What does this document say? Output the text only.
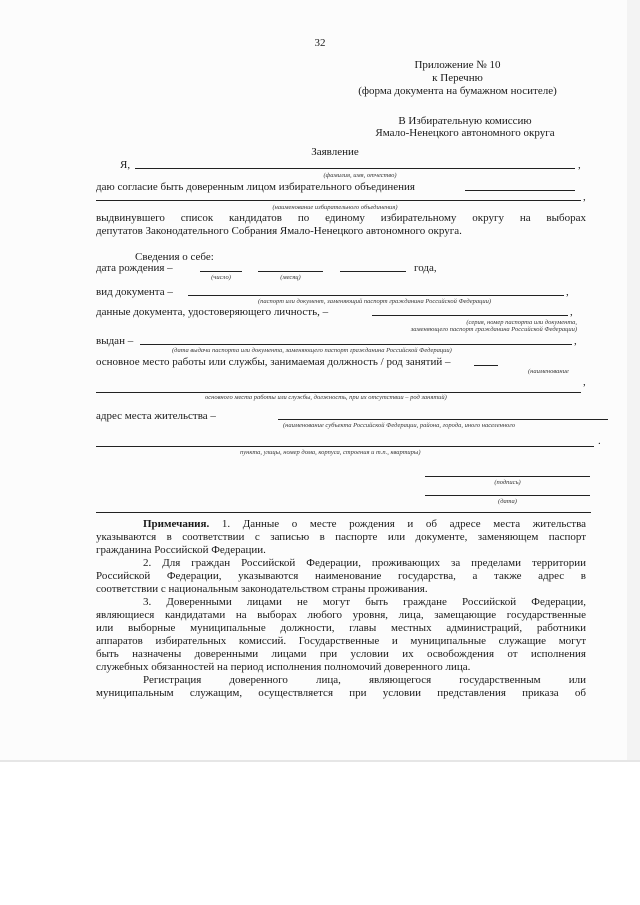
32
Приложение № 10
к Перечню
(форма документа на бумажном носителе)
В Избирательную комиссию
Ямало-Ненецкого автономного округа
Заявление
Я,	,
(фамилия, имя, отчество)
даю согласие быть доверенным лицом избирательного объединения
,
(наименование избирательного объединения)
выдвинувшего список кандидатов по единому избирательному округу на выборах
депутатов Законодательного Собрания Ямало-Ненецкого автономного округа.
Сведения о себе:
дата рождения –	года,
(число)	(месяц)
вид документа –	,
(паспорт или документ, заменяющий паспорт гражданина Российской Федерации)
данные документа, удостоверяющего личность, –	,
(серия, номер паспорта или документа,
заменяющего паспорт гражданина Российской Федерации)
выдан –	,
(дата выдачи паспорта или документа, заменяющего паспорт гражданина Российской Федерации)
основное место работы или службы, занимаемая должность / род занятий –
(наименование
,
основного места работы или службы, должность, при их отсутствии – род занятий)
адрес места жительства –
(наименование субъекта Российской Федерации, района, города, иного населенного
.
пункта, улицы, номер дома, корпуса, строения и т.п., квартиры)
(подпись)
(дата)
Примечания. 1. Данные о месте рождения и об адресе места жительства
указываются в соответствии с записью в паспорте или документе, заменяющем паспорт
гражданина Российской Федерации.
2. Для граждан Российской Федерации, проживающих за пределами территории
Российской Федерации, указываются наименование государства, а также адрес в
соответствии с национальным законодательством страны проживания.
3. Доверенными лицами не могут быть граждане Российской Федерации,
являющиеся кандидатами на выборах любого уровня, лица, замещающие государственные
или выборные муниципальные должности, главы местных администраций, работники
аппаратов избирательных комиссий. Государственные и муниципальные служащие могут
быть назначены доверенными лицами при условии их освобождения от исполнения
служебных обязанностей на период исполнения полномочий доверенного лица.
Регистрация доверенного лица, являющегося государственным или
муниципальным служащим, осуществляется при условии представления приказа об
